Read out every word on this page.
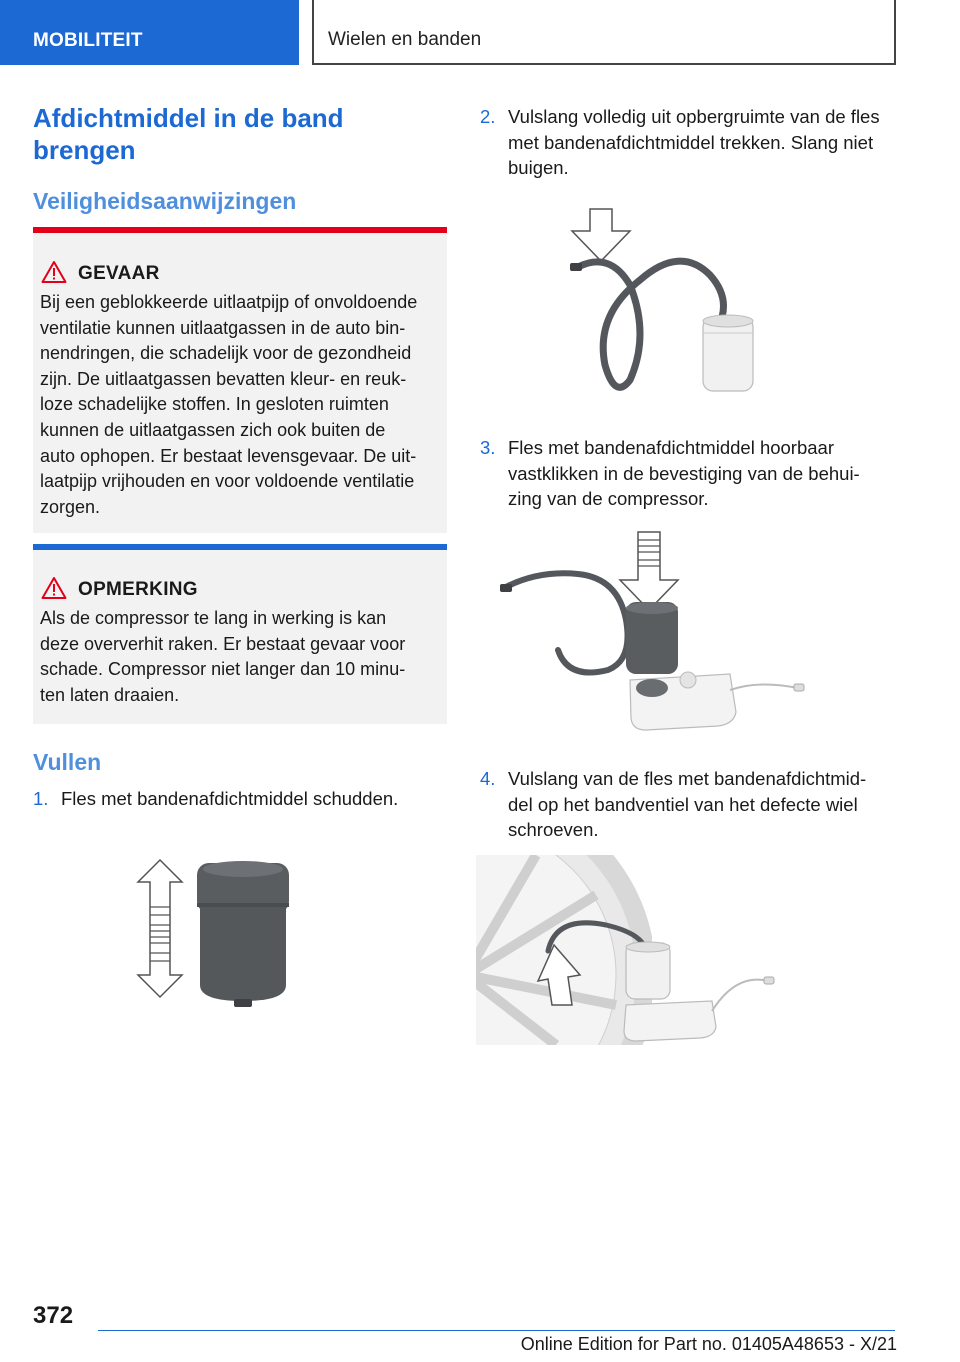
MOBILITEIT	Wielen en banden
Afdichtmiddel in de band brengen
Veiligheidsaanwijzingen
GEVAAR
Bij een geblokkeerde uitlaatpijp of onvoldoende
ventilatie kunnen uitlaatgassen in de auto bin-
nendringen, die schadelijk voor de gezondheid
zijn. De uitlaatgassen bevatten kleur- en reuk-
loze schadelijke stoffen. In gesloten ruimten
kunnen de uitlaatgassen zich ook buiten de
auto ophopen. Er bestaat levensgevaar. De uit-
laatpijp vrijhouden en voor voldoende ventilatie
zorgen.
OPMERKING
Als de compressor te lang in werking is kan
deze oververhit raken. Er bestaat gevaar voor
schade. Compressor niet langer dan 10 minu-
ten laten draaien.
Vullen
1. Fles met bandenafdichtmiddel schudden.
2. Vulslang volledig uit opbergruimte van de fles
met bandenafdichtmiddel trekken. Slang niet
buigen.
3. Fles met bandenafdichtmiddel hoorbaar
vastklikken in de bevestiging van de behui-
zing van de compressor.
4. Vulslang van de fles met bandenafdichtmid-
del op het bandventiel van het defecte wiel
schroeven.
372
Online Edition for Part no. 01405A48653 - X/21
